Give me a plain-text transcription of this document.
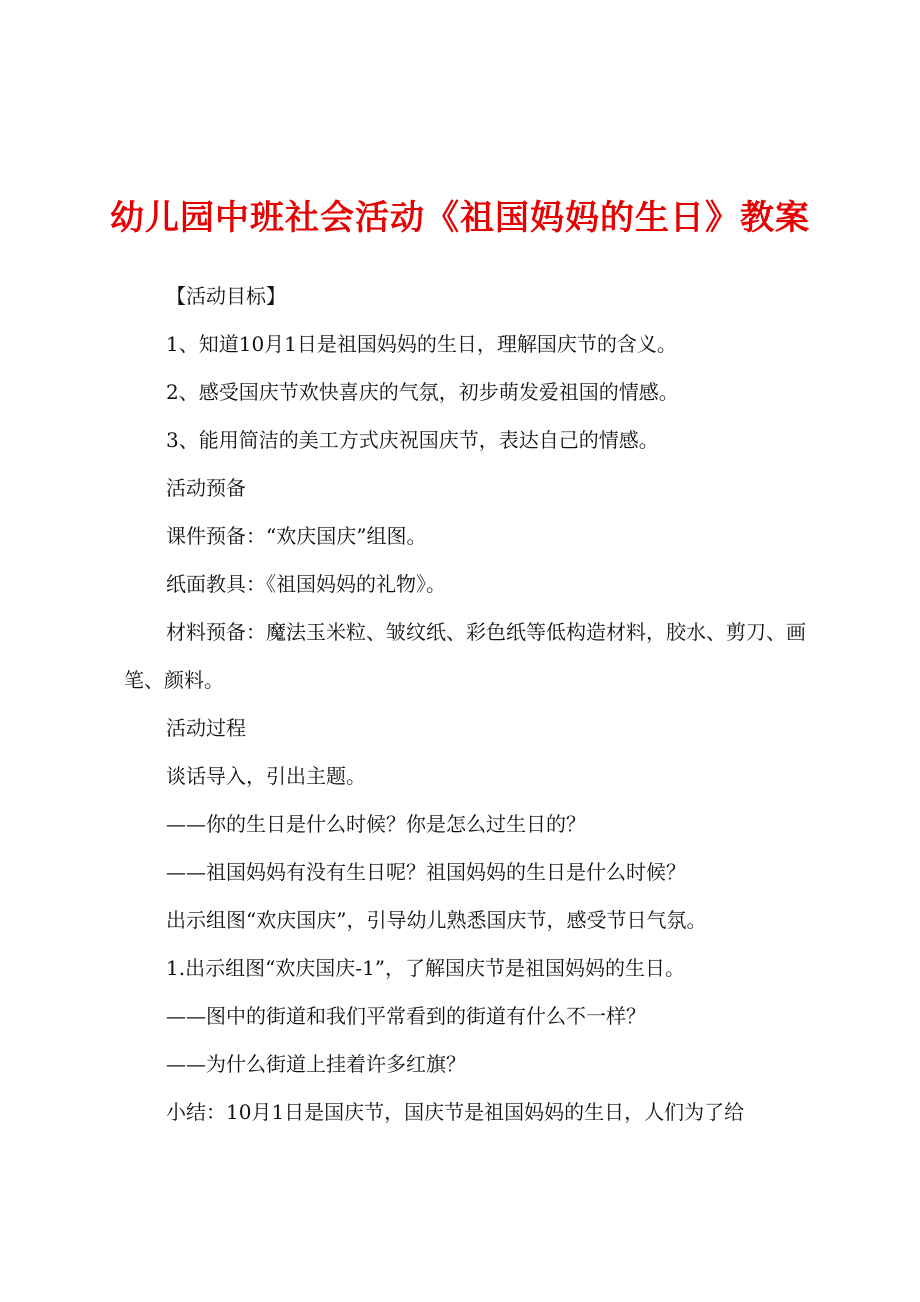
幼儿园中班社会活动《祖国妈妈的生日》教案

【活动目标】

1、知道10月1日是祖国妈妈的生日，理解国庆节的含义。

2、感受国庆节欢快喜庆的气氛，初步萌发爱祖国的情感。

3、能用简洁的美工方式庆祝国庆节，表达自己的情感。

活动预备

课件预备：“欢庆国庆”组图。

纸面教具：《祖国妈妈的礼物》。

材料预备：魔法玉米粒、皱纹纸、彩色纸等低构造材料，胶水、剪刀、画笔、颜料。

活动过程

谈话导入，引出主题。

——你的生日是什么时候？你是怎么过生日的？

——祖国妈妈有没有生日呢？祖国妈妈的生日是什么时候？

出示组图“欢庆国庆”，引导幼儿熟悉国庆节，感受节日气氛。

1.出示组图“欢庆国庆-1”，了解国庆节是祖国妈妈的生日。

——图中的街道和我们平常看到的街道有什么不一样？

——为什么街道上挂着许多红旗？

小结：10月1日是国庆节，国庆节是祖国妈妈的生日，人们为了给
